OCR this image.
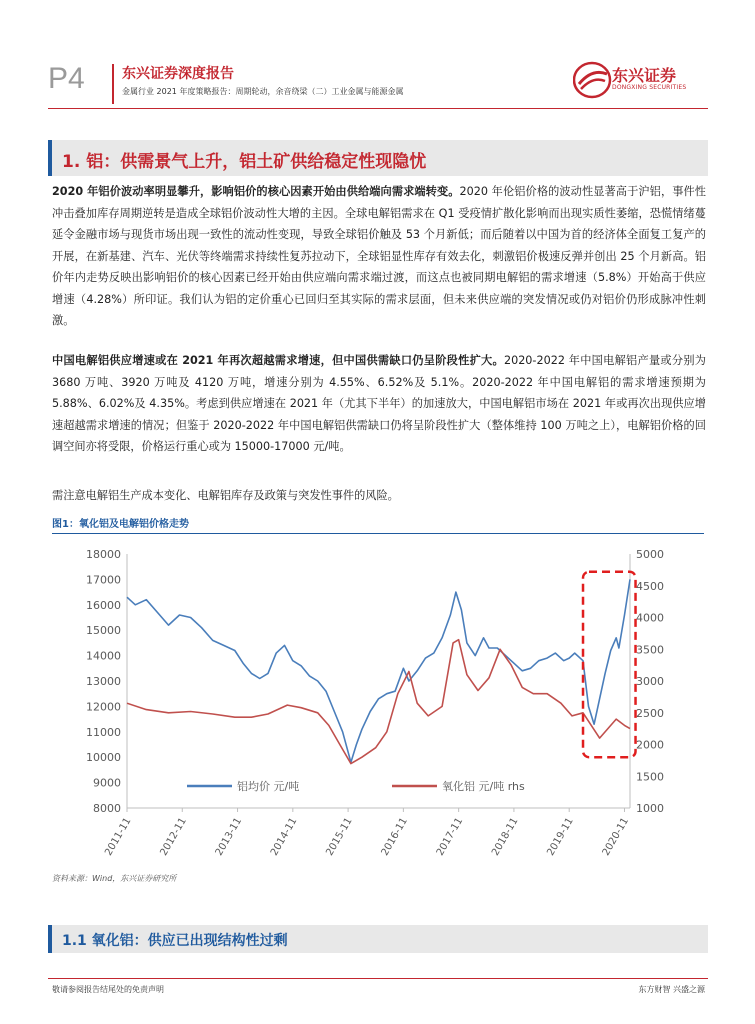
P4	东兴证券深度报告
金属行业 2021 年度策略报告：周期轮动，余音绕梁（二）工业金属与能源金属
东兴证券
DONGXING SECURITIES
1. 铝：供需景气上升，铝土矿供给稳定性现隐忧
2020 年铝价波动率明显攀升，影响铝价的核心因素开始由供给端向需求端转变。2020 年伦铝价格的波动性显著高于沪铝，事件性冲击叠加库存周期逆转是造成全球铝价波动性大增的主因。全球电解铝需求在 Q1 受疫情扩散化影响而出现实质性萎缩，恐慌情绪蔓延令金融市场与现货市场出现一致性的流动性变现，导致全球铝价触及 53 个月新低；而后随着以中国为首的经济体全面复工复产的开展，在新基建、汽车、光伏等终端需求持续性复苏拉动下，全球铝显性库存有效去化，刺激铝价极速反弹并创出 25 个月新高。铝价年内走势反映出影响铝价的核心因素已经开始由供应端向需求端过渡，而这点也被同期电解铝的需求增速（5.8%）开始高于供应增速（4.28%）所印证。我们认为铝的定价重心已回归至其实际的需求层面，但未来供应端的突发情况或仍对铝价仍形成脉冲性刺激。
中国电解铝供应增速或在 2021 年再次超越需求增速，但中国供需缺口仍呈阶段性扩大。2020-2022 年中国电解铝产量或分别为 3680 万吨、3920 万吨及 4120 万吨，增速分别为 4.55%、6.52%及 5.1%。2020-2022 年中国电解铝的需求增速预期为 5.88%、6.02%及 4.35%。考虑到供应增速在 2021 年（尤其下半年）的加速放大，中国电解铝市场在 2021 年或再次出现供应增速超越需求增速的情况；但鉴于 2020-2022 年中国电解铝供需缺口仍将呈阶段性扩大（整体维持 100 万吨之上），电解铝价格的回调空间亦将受限，价格运行重心或为 15000-17000 元/吨。
需注意电解铝生产成本变化、电解铝库存及政策与突发性事件的风险。
图1：氧化铝及电解铝价格走势
8000
9000
10000
11000
12000
13000
14000
15000
16000
17000
18000
1000
1500
2000
2500
3000
3500
4000
4500
5000
2011-11 2012-11 2013-11 2014-11 2015-11 2016-11 2017-11 2018-11 2019-11 2020-11
铝均价 元/吨	氧化铝 元/吨 rhs
资料来源：Wind，东兴证券研究所
1.1 氧化铝：供应已出现结构性过剩
敬请参阅报告结尾处的免责声明	东方财智 兴盛之源
